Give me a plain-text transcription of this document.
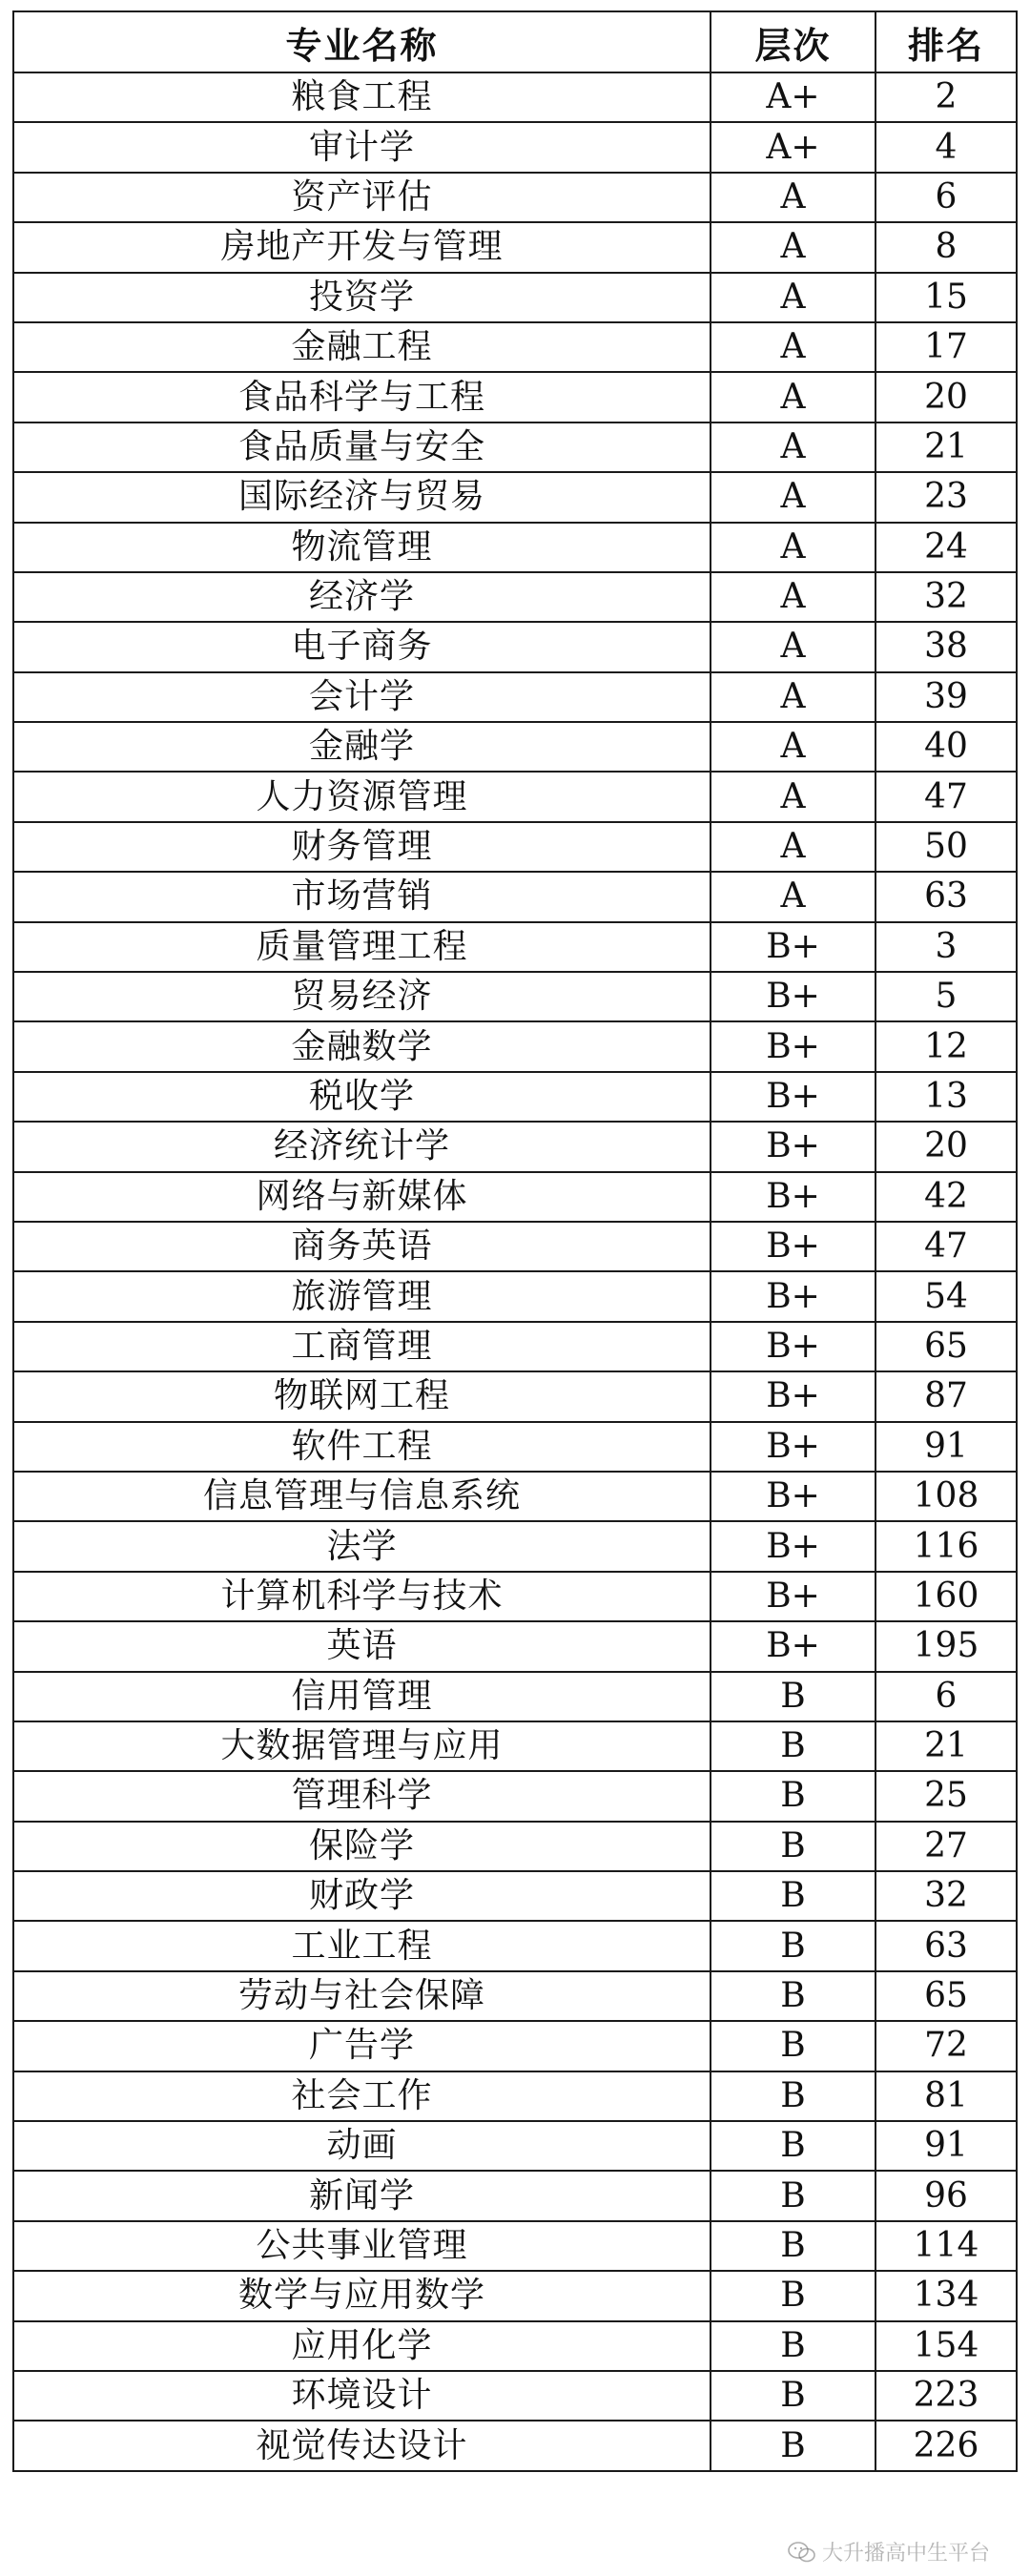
专业名称	层次	排名
粮食工程	A+	2
审计学	A+	4
资产评估	A	6
房地产开发与管理	A	8
投资学	A	15
金融工程	A	17
食品科学与工程	A	20
食品质量与安全	A	21
国际经济与贸易	A	23
物流管理	A	24
经济学	A	32
电子商务	A	38
会计学	A	39
金融学	A	40
人力资源管理	A	47
财务管理	A	50
市场营销	A	63
质量管理工程	B+	3
贸易经济	B+	5
金融数学	B+	12
税收学	B+	13
经济统计学	B+	20
网络与新媒体	B+	42
商务英语	B+	47
旅游管理	B+	54
工商管理	B+	65
物联网工程	B+	87
软件工程	B+	91
信息管理与信息系统	B+	108
法学	B+	116
计算机科学与技术	B+	160
英语	B+	195
信用管理	B	6
大数据管理与应用	B	21
管理科学	B	25
保险学	B	27
财政学	B	32
工业工程	B	63
劳动与社会保障	B	65
广告学	B	72
社会工作	B	81
动画	B	91
新闻学	B	96
公共事业管理	B	114
数学与应用数学	B	134
应用化学	B	154
环境设计	B	223
视觉传达设计	B	226
大升播高中生平台
